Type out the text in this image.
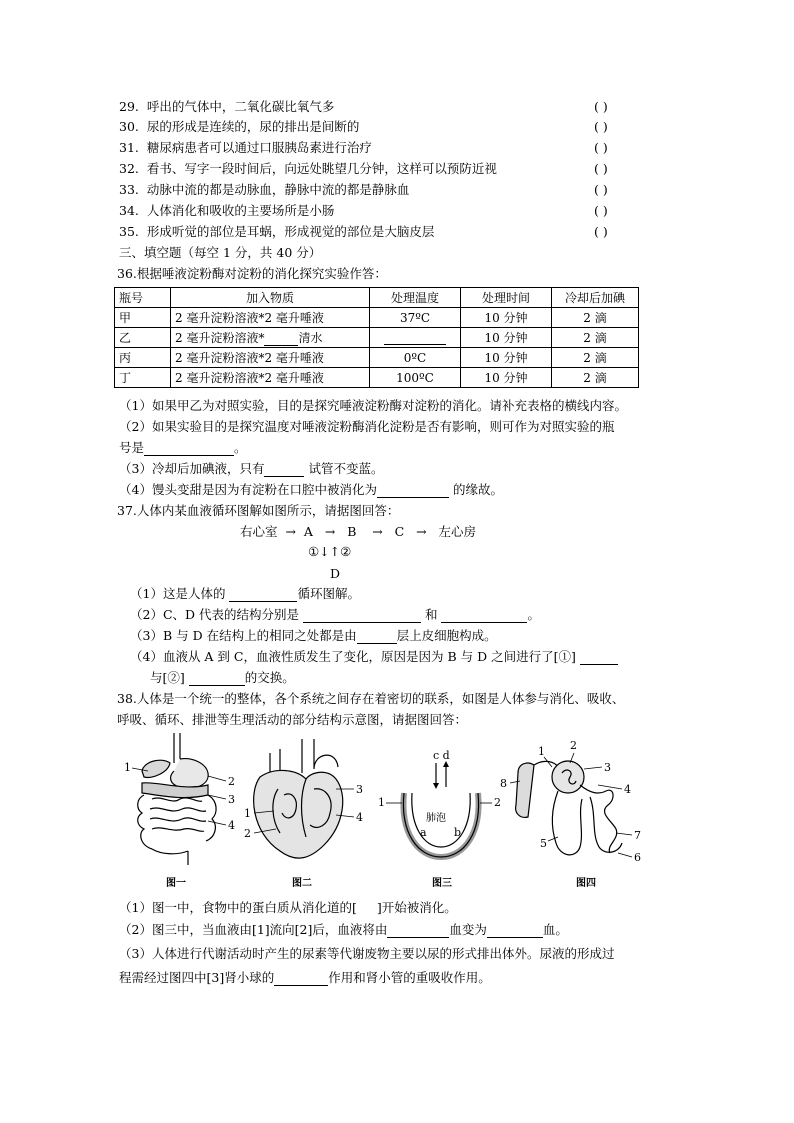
29.  呼出的气体中，二氧化碳比氧气多	( )
30.  尿的形成是连续的，尿的排出是间断的	( )
31.  糖尿病患者可以通过口服胰岛素进行治疗	( )
32.  看书、写字一段时间后，向远处眺望几分钟，这样可以预防近视	( )
33.  动脉中流的都是动脉血，静脉中流的都是静脉血	( )
34.  人体消化和吸收的主要场所是小肠	( )
35.  形成听觉的部位是耳蜗，形成视觉的部位是大脑皮层	( )
三、填空题（每空 1 分，共 40 分）
36.根据唾液淀粉酶对淀粉的消化探究实验作答：
瓶号	加入物质	处理温度	处理时间	冷却后加碘
甲	2 毫升淀粉溶液*2 毫升唾液	37ºC	10 分钟	2 滴
乙	2 毫升淀粉溶液* 清水		10 分钟	2 滴
丙	2 毫升淀粉溶液*2 毫升唾液	0ºC	10 分钟	2 滴
丁	2 毫升淀粉溶液*2 毫升唾液	100ºC	10 分钟	2 滴
（1）如果甲乙为对照实验，目的是探究唾液淀粉酶对淀粉的消化。请补充表格的横线内容。
（2）如果实验目的是探究温度对唾液淀粉酶消化淀粉是否有影响，则可作为对照实验的瓶
号是	。
（3）冷却后加碘液，只有	试管不变蓝。
（4）馒头变甜是因为有淀粉在口腔中被消化为	的缘故。
37.人体内某血液循环图解如图所示，请据图回答：
右心室  →  A   →   B    →   C   →   左心房
①↓↑②
D
（1）这是人体的	循环图解。
（2）C、D 代表的结构分别是	和	。
（3）B 与 D 在结构上的相同之处都是由	层上皮细胞构成。
（4）血液从 A 到 C，血液性质发生了变化，原因是因为 B 与 D 之间进行了[①]
与[②]	的交换。
38.人体是一个统一的整体，各个系统之间存在着密切的联系，如图是人体参与消化、吸收、
呼吸、循环、排泄等生理活动的部分结构示意图，请据图回答：
1
2
3
4
图一
1
2
3
4
图二
c d
肺泡
1	2
a b
图三
1 2
3
4
5
6
7
8
图四
（1）图一中，食物中的蛋白质从消化道的[ ]开始被消化。
（2）图三中，当血液由[1]流向[2]后，血液将由	血变为	血。
（3）人体进行代谢活动时产生的尿素等代谢废物主要以尿的形式排出体外。尿液的形成过
程需经过图四中[3]肾小球的	作用和肾小管的重吸收作用。
